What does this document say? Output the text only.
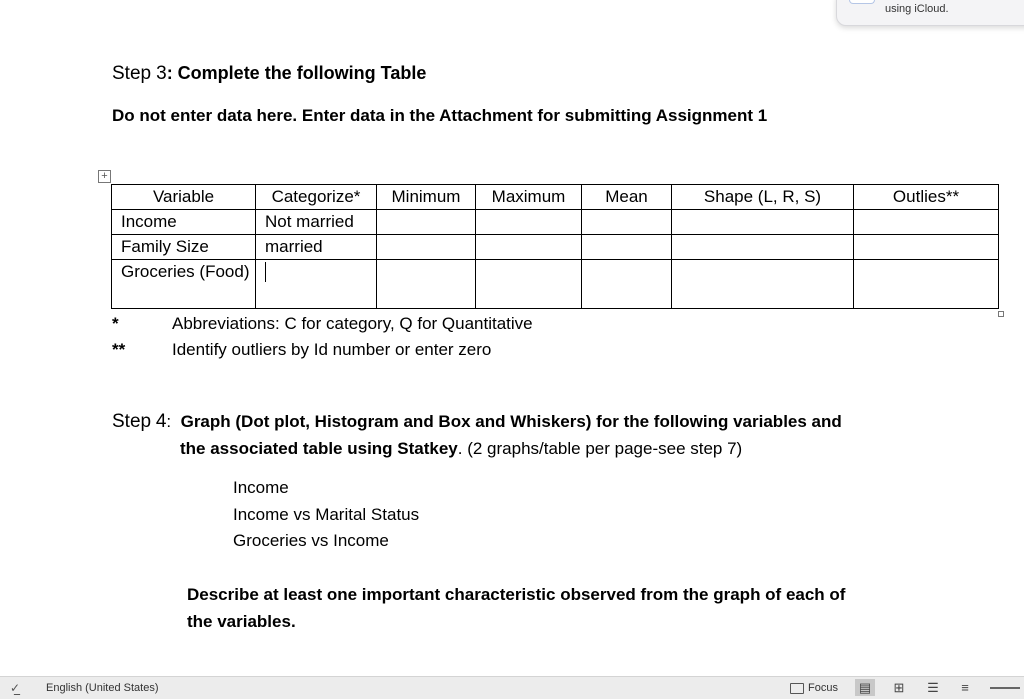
using iCloud.
Step 3: Complete the following Table
Do not enter data here. Enter data in the Attachment for submitting Assignment 1
+
Variable	Categorize*	Minimum	Maximum	Mean	Shape (L, R, S)	Outlies**
Income	Not married					
Family Size	married					
Groceries (Food)						
*	Abbreviations: C for category, Q for Quantitative
**	Identify outliers by Id number or enter zero
Step 4: Graph (Dot plot, Histogram and Box and Whiskers) for the following variables and
the associated table using Statkey. (2 graphs/table per page-see step 7)
Income
Income vs Marital Status
Groceries vs Income
Describe at least one important characteristic observed from the graph of each of
the variables.
✓̲ English (United States)	Focus ▤	⊞	☰	≡
